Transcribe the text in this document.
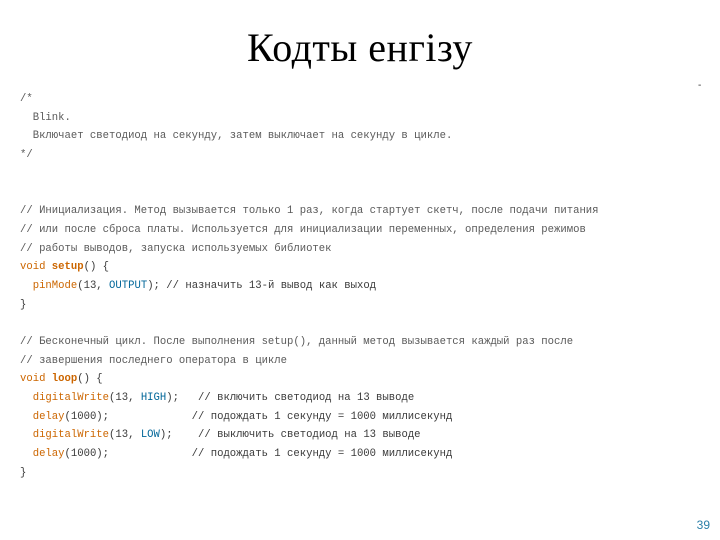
Кодты енгізу
-
/*
Blink.
Включает светодиод на секунду, затем выключает на секунду в цикле.
*/
// Инициализация. Метод вызывается только 1 раз, когда стартует скетч, после подачи питания
// или после сброса платы. Используется для инициализации переменных, определения режимов
// работы выводов, запуска используемых библиотек
void setup() {
pinMode(13, OUTPUT); // назначить 13-й вывод как выход
}
// Бесконечный цикл. После выполнения setup(), данный метод вызывается каждый раз после
// завершения последнего оператора в цикле
void loop() {
digitalWrite(13, HIGH);   // включить светодиод на 13 выводе
delay(1000);             // подождать 1 секунду = 1000 миллисекунд
digitalWrite(13, LOW);    // выключить светодиод на 13 выводе
delay(1000);             // подождать 1 секунду = 1000 миллисекунд
}
39
